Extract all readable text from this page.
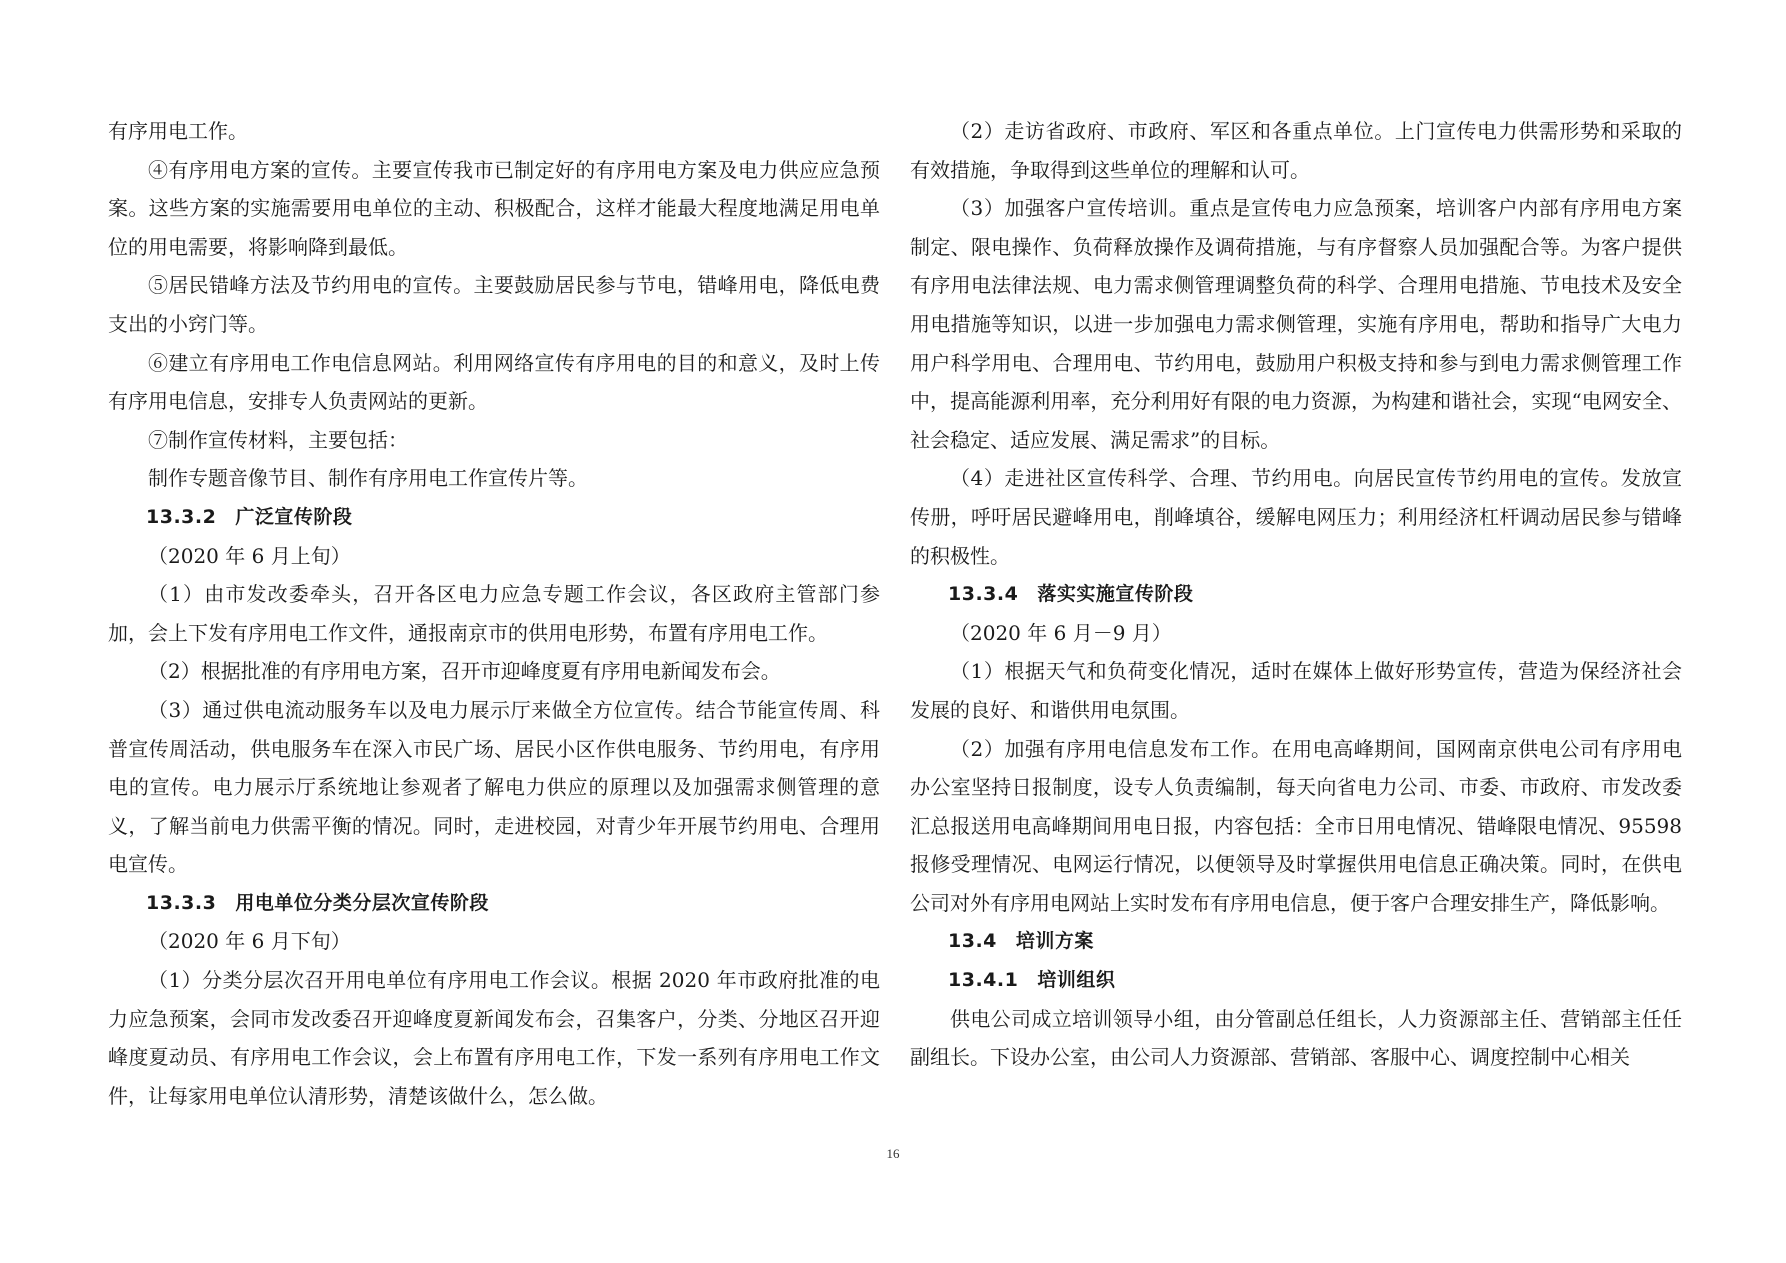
有序用电工作。

④有序用电方案的宣传。主要宣传我市已制定好的有序用电方案及电力供应应急预案。这些方案的实施需要用电单位的主动、积极配合，这样才能最大程度地满足用电单位的用电需要，将影响降到最低。

⑤居民错峰方法及节约用电的宣传。主要鼓励居民参与节电，错峰用电，降低电费支出的小窍门等。

⑥建立有序用电工作电信息网站。利用网络宣传有序用电的目的和意义，及时上传有序用电信息，安排专人负责网站的更新。

⑦制作宣传材料，主要包括：

制作专题音像节目、制作有序用电工作宣传片等。

13.3.2 广泛宣传阶段

（2020 年 6 月上旬）

（1）由市发改委牵头，召开各区电力应急专题工作会议，各区政府主管部门参加，会上下发有序用电工作文件，通报南京市的供用电形势，布置有序用电工作。

（2）根据批准的有序用电方案，召开市迎峰度夏有序用电新闻发布会。

（3）通过供电流动服务车以及电力展示厅来做全方位宣传。结合节能宣传周、科普宣传周活动，供电服务车在深入市民广场、居民小区作供电服务、节约用电，有序用电的宣传。电力展示厅系统地让参观者了解电力供应的原理以及加强需求侧管理的意义，了解当前电力供需平衡的情况。同时，走进校园，对青少年开展节约用电、合理用电宣传。

13.3.3 用电单位分类分层次宣传阶段

（2020 年 6 月下旬）

（1）分类分层次召开用电单位有序用电工作会议。根据 2020 年市政府批准的电力应急预案，会同市发改委召开迎峰度夏新闻发布会，召集客户，分类、分地区召开迎峰度夏动员、有序用电工作会议，会上布置有序用电工作，下发一系列有序用电工作文件，让每家用电单位认清形势，清楚该做什么，怎么做。

（2）走访省政府、市政府、军区和各重点单位。上门宣传电力供需形势和采取的有效措施，争取得到这些单位的理解和认可。

（3）加强客户宣传培训。重点是宣传电力应急预案，培训客户内部有序用电方案制定、限电操作、负荷释放操作及调荷措施，与有序督察人员加强配合等。为客户提供有序用电法律法规、电力需求侧管理调整负荷的科学、合理用电措施、节电技术及安全用电措施等知识，以进一步加强电力需求侧管理，实施有序用电，帮助和指导广大电力用户科学用电、合理用电、节约用电，鼓励用户积极支持和参与到电力需求侧管理工作中，提高能源利用率，充分利用好有限的电力资源，为构建和谐社会，实现“电网安全、社会稳定、适应发展、满足需求”的目标。

（4）走进社区宣传科学、合理、节约用电。向居民宣传节约用电的宣传。发放宣传册，呼吁居民避峰用电，削峰填谷，缓解电网压力；利用经济杠杆调动居民参与错峰的积极性。

13.3.4 落实实施宣传阶段

（2020 年 6 月－9 月）

（1）根据天气和负荷变化情况，适时在媒体上做好形势宣传，营造为保经济社会发展的良好、和谐供用电氛围。

（2）加强有序用电信息发布工作。在用电高峰期间，国网南京供电公司有序用电办公室坚持日报制度，设专人负责编制，每天向省电力公司、市委、市政府、市发改委汇总报送用电高峰期间用电日报，内容包括：全市日用电情况、错峰限电情况、95598 报修受理情况、电网运行情况，以便领导及时掌握供用电信息正确决策。同时，在供电公司对外有序用电网站上实时发布有序用电信息，便于客户合理安排生产，降低影响。

13.4 培训方案

13.4.1 培训组织

供电公司成立培训领导小组，由分管副总任组长，人力资源部主任、营销部主任任副组长。下设办公室，由公司人力资源部、营销部、客服中心、调度控制中心相关

16
